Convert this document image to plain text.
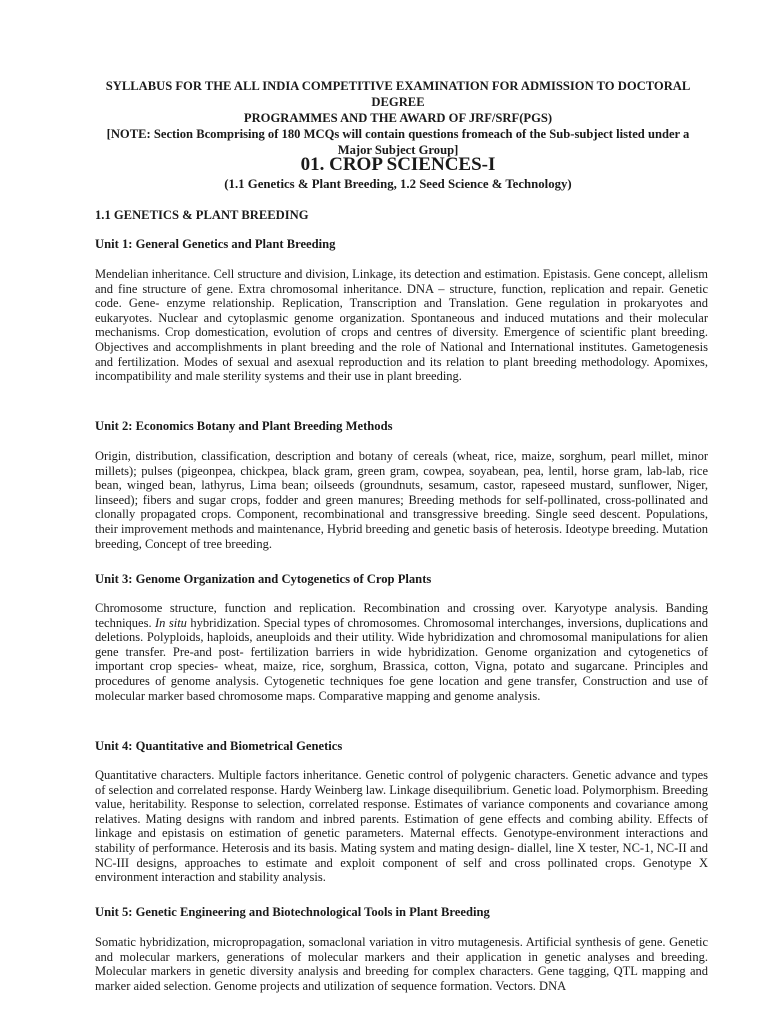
SYLLABUS FOR THE ALL INDIA COMPETITIVE EXAMINATION FOR ADMISSION TO DOCTORAL DEGREE
PROGRAMMES AND THE AWARD OF JRF/SRF(PGS)
[NOTE: Section Bcomprising of 180 MCQs will contain questions fromeach of the Sub-subject listed under a
Major Subject Group]
01. CROP SCIENCES-I
(1.1 Genetics & Plant Breeding, 1.2 Seed Science & Technology)
1.1 GENETICS & PLANT BREEDING
Unit 1: General Genetics and Plant Breeding
Mendelian inheritance. Cell structure and division, Linkage, its detection and estimation. Epistasis. Gene concept, allelism and fine structure of gene. Extra chromosomal inheritance. DNA – structure, function, replication and repair. Genetic code. Gene- enzyme relationship. Replication, Transcription and Translation. Gene regulation in prokaryotes and eukaryotes. Nuclear and cytoplasmic genome organization. Spontaneous and induced mutations and their molecular mechanisms. Crop domestication, evolution of crops and centres of diversity. Emergence of scientific plant breeding. Objectives and accomplishments in plant breeding and the role of National and International institutes. Gametogenesis and fertilization. Modes of sexual and asexual reproduction and its relation to plant breeding methodology. Apomixes, incompatibility and male sterility systems and their use in plant breeding.
Unit 2: Economics Botany and Plant Breeding Methods
Origin, distribution, classification, description and botany of cereals (wheat, rice, maize, sorghum, pearl millet, minor millets); pulses (pigeonpea, chickpea, black gram, green gram, cowpea, soyabean, pea, lentil, horse gram, lab-lab, rice bean, winged bean, lathyrus, Lima bean; oilseeds (groundnuts, sesamum, castor, rapeseed mustard, sunflower, Niger, linseed); fibers and sugar crops, fodder and green manures; Breeding methods for self-pollinated, cross-pollinated and clonally propagated crops. Component, recombinational and transgressive breeding. Single seed descent. Populations, their improvement methods and maintenance, Hybrid breeding and genetic basis of heterosis. Ideotype breeding. Mutation breeding, Concept of tree breeding.
Unit 3: Genome Organization and Cytogenetics of Crop Plants
Chromosome structure, function and replication. Recombination and crossing over. Karyotype analysis. Banding techniques. In situ hybridization. Special types of chromosomes. Chromosomal interchanges, inversions, duplications and deletions. Polyploids, haploids, aneuploids and their utility. Wide hybridization and chromosomal manipulations for alien gene transfer. Pre-and post- fertilization barriers in wide hybridization. Genome organization and cytogenetics of important crop species- wheat, maize, rice, sorghum, Brassica, cotton, Vigna, potato and sugarcane. Principles and procedures of genome analysis. Cytogenetic techniques foe gene location and gene transfer, Construction and use of molecular marker based chromosome maps. Comparative mapping and genome analysis.
Unit 4: Quantitative and Biometrical Genetics
Quantitative characters. Multiple factors inheritance. Genetic control of polygenic characters. Genetic advance and types of selection and correlated response. Hardy Weinberg law. Linkage disequilibrium. Genetic load. Polymorphism. Breeding value, heritability. Response to selection, correlated response. Estimates of variance components and covariance among relatives. Mating designs with random and inbred parents. Estimation of gene effects and combing ability. Effects of linkage and epistasis on estimation of genetic parameters. Maternal effects. Genotype-environment interactions and stability of performance. Heterosis and its basis. Mating system and mating design- diallel, line X tester, NC-1, NC-II and NC-III designs, approaches to estimate and exploit component of self and cross pollinated crops. Genotype X environment interaction and stability analysis.
Unit 5: Genetic Engineering and Biotechnological Tools in Plant Breeding
Somatic hybridization, micropropagation, somaclonal variation in vitro mutagenesis. Artificial synthesis of gene. Genetic and molecular markers, generations of molecular markers and their application in genetic analyses and breeding. Molecular markers in genetic diversity analysis and breeding for complex characters. Gene tagging, QTL mapping and marker aided selection. Genome projects and utilization of sequence formation. Vectors. DNA
